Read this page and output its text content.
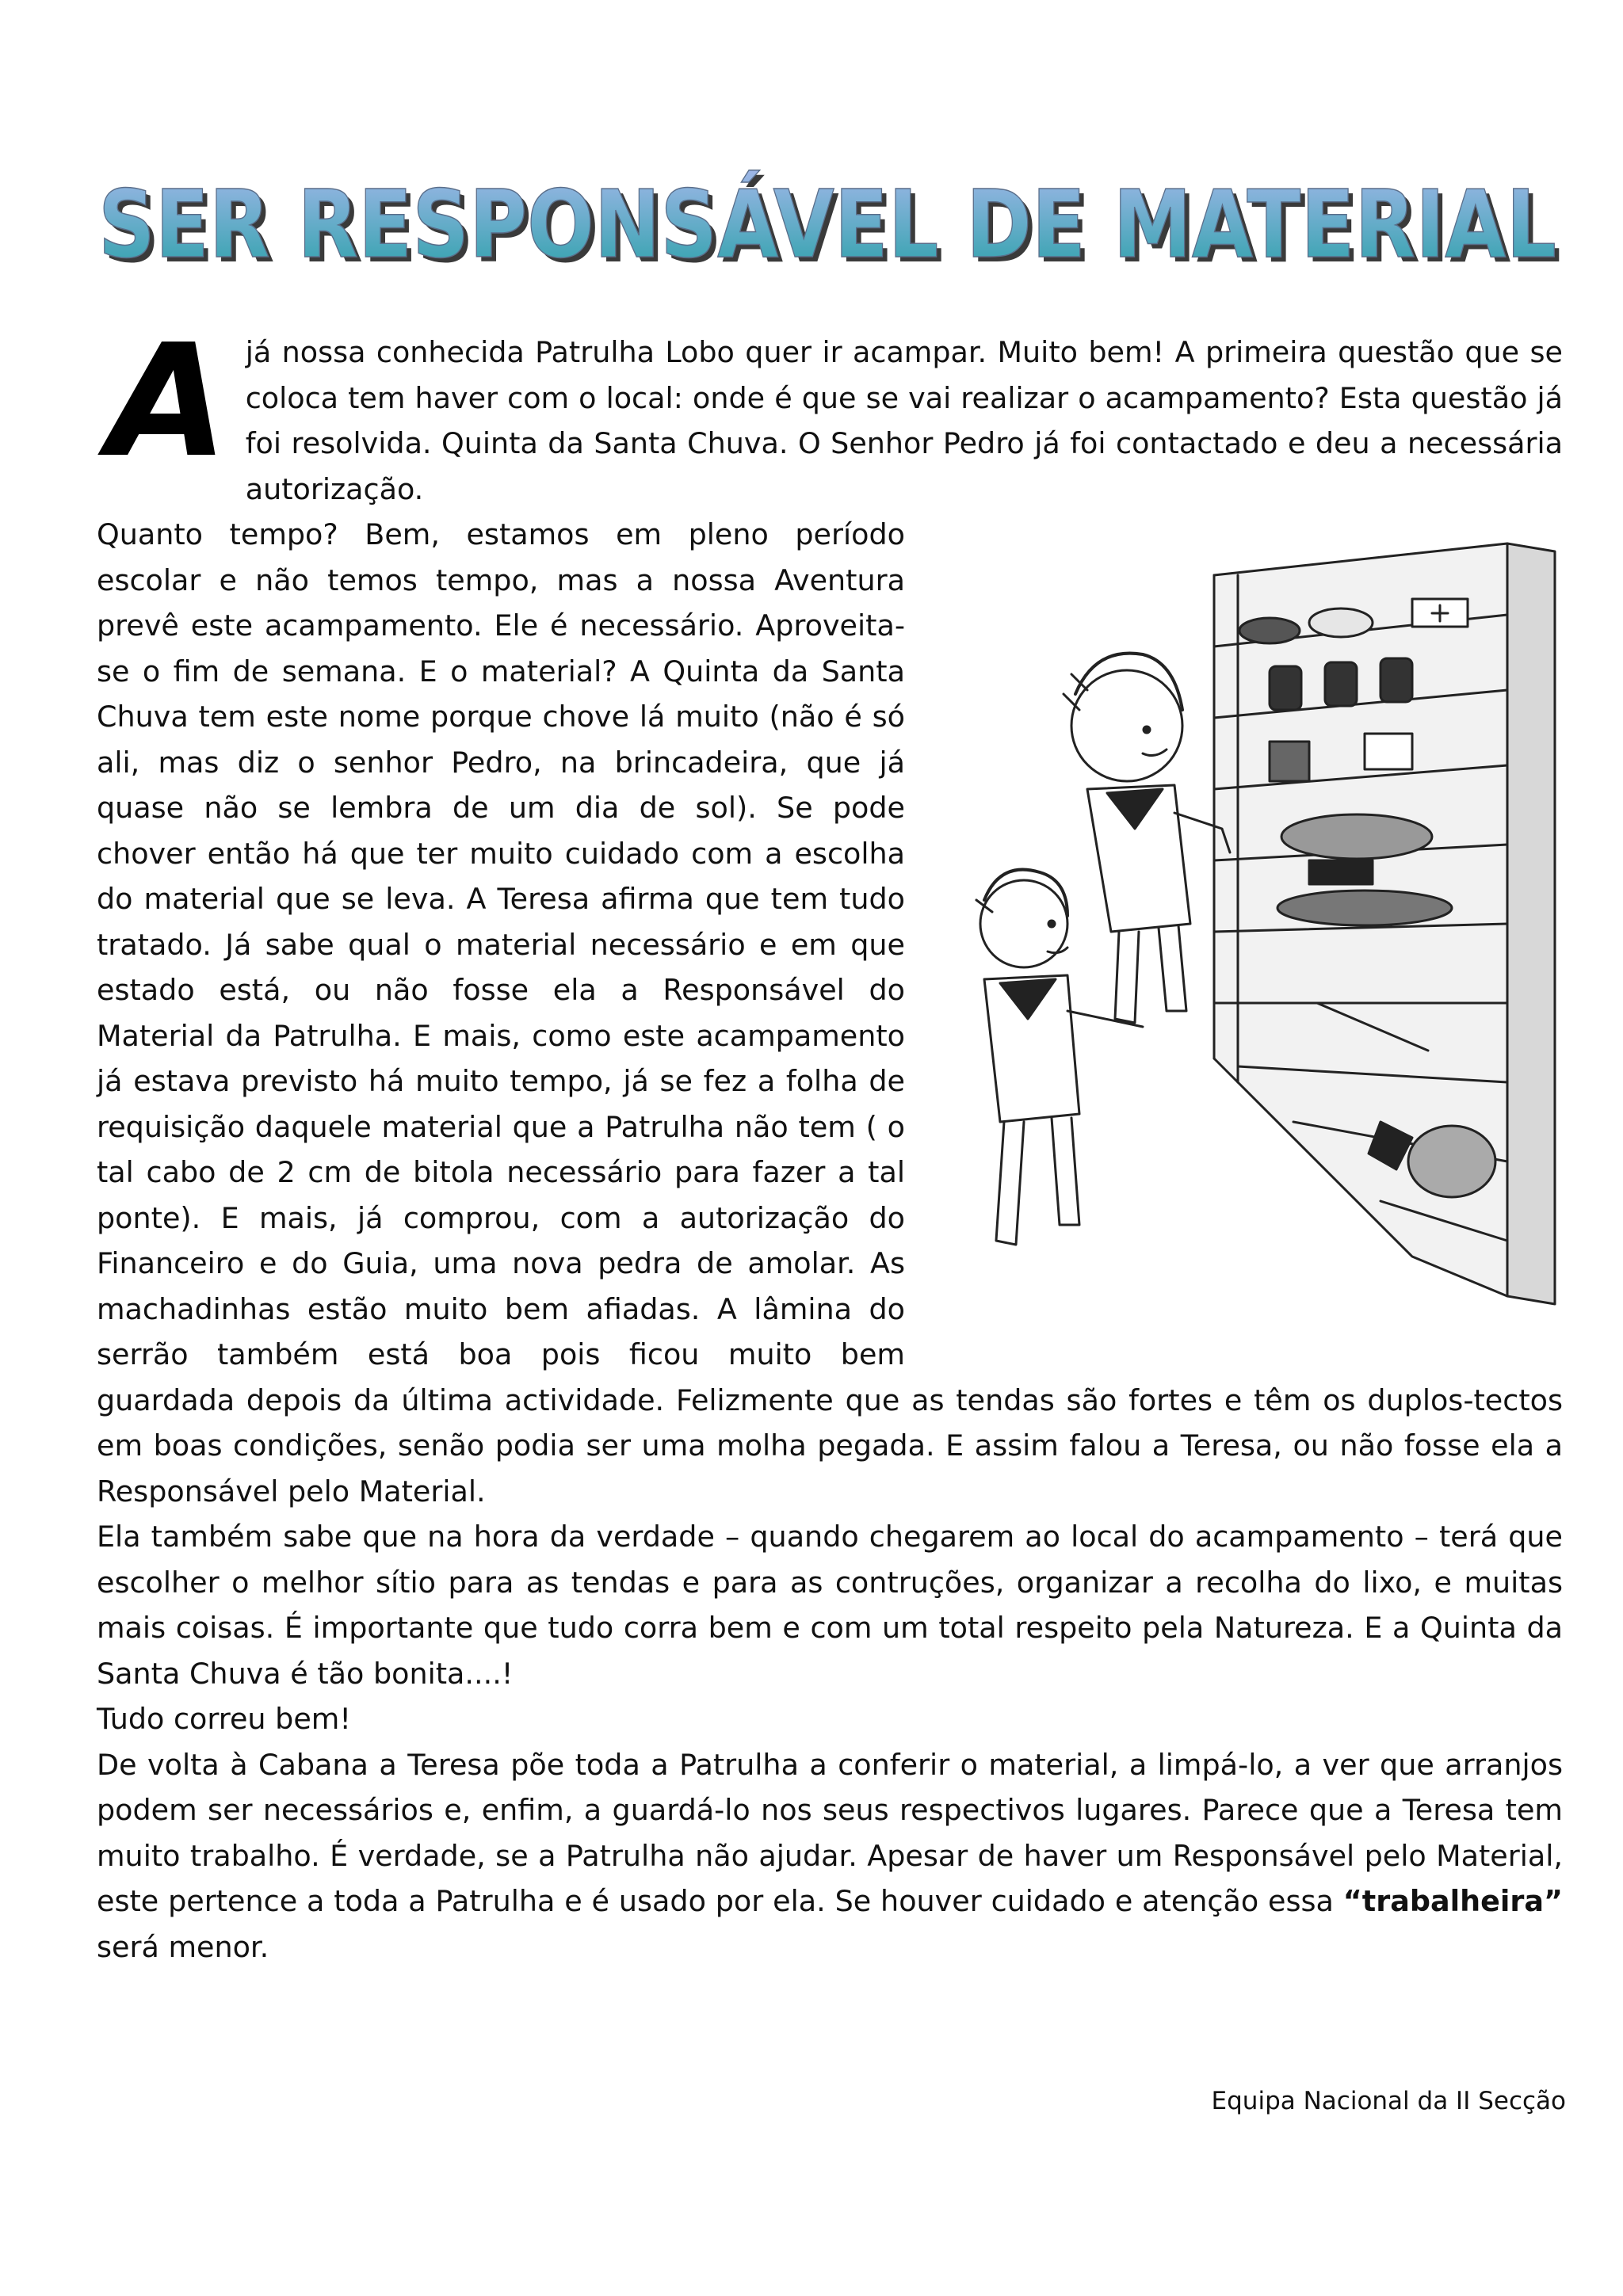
SER RESPONSÁVEL DE MATERIAL
SER RESPONSÁVEL DE MATERIAL

A já nossa conhecida Patrulha Lobo quer ir acampar. Muito bem! A primeira questão que se coloca tem haver com o local: onde é que se vai realizar o acampamento? Esta questão já foi resolvida. Quinta da Santa Chuva. O Senhor Pedro já foi contactado e deu a necessária autorização.

Quanto tempo? Bem, estamos em pleno período escolar e não temos tempo, mas a nossa Aventura prevê este acampamento. Ele é necessário. Aproveita-se o fim de semana. E o material? A Quinta da Santa Chuva tem este nome porque chove lá muito (não é só ali, mas diz o senhor Pedro, na brincadeira, que já quase não se lembra de um dia de sol). Se pode chover então há que ter muito cuidado com a escolha do material que se leva. A Teresa afirma que tem tudo tratado. Já sabe qual o material necessário e em que estado está, ou não fosse ela a Responsável do Material da Patrulha. E mais, como este acampamento já estava previsto há muito tempo, já se fez a folha de requisição daquele material que a Patrulha não tem ( o tal cabo de 2 cm de bitola necessário para fazer a tal ponte). E mais, já comprou, com a autorização do Financeiro e do Guia, uma nova pedra de amolar. As machadinhas estão muito bem afiadas. A lâmina do serrão também está boa pois ficou muito bem guardada depois da última actividade. Felizmente que as tendas são fortes e têm os duplos-tectos em boas condições, senão podia ser uma molha pegada. E assim falou a Teresa, ou não fosse ela a Responsável pelo Material.

Ela também sabe que na hora da verdade – quando chegarem ao local do acampamento – terá que escolher o melhor sítio para as tendas e para as contruções, organizar a recolha do lixo, e muitas mais coisas. É importante que tudo corra bem e com um total respeito pela Natureza. E a Quinta da Santa Chuva é tão bonita....!

Tudo correu bem!

De volta à Cabana a Teresa põe toda a Patrulha a conferir o material, a limpá-lo, a ver que arranjos podem ser necessários e, enfim, a guardá-lo nos seus respectivos lugares. Parece que a Teresa tem muito trabalho. É verdade, se a Patrulha não ajudar. Apesar de haver um Responsável pelo Material, este pertence a toda a Patrulha e é usado por ela. Se houver cuidado e atenção essa “trabalheira” será menor.

Equipa Nacional da II Secção
